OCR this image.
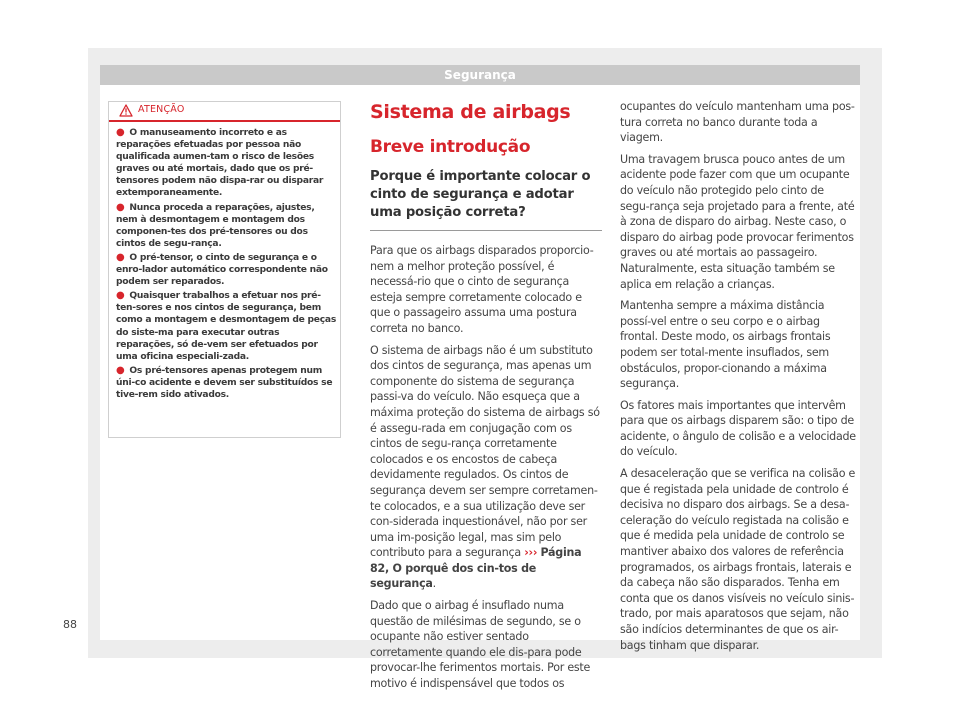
Segurança
ATENÇÃO
● O manuseamento incorreto e as reparações efetuadas por pessoa não qualificada aumen-tam o risco de lesões graves ou até mortais, dado que os pré-tensores podem não dispa-rar ou disparar extemporaneamente.
● Nunca proceda a reparações, ajustes, nem à desmontagem e montagem dos componen-tes dos pré-tensores ou dos cintos de segu-rança.
● O pré-tensor, o cinto de segurança e o enro-lador automático correspondente não podem ser reparados.
● Quaisquer trabalhos a efetuar nos pré-ten-sores e nos cintos de segurança, bem como a montagem e desmontagem de peças do siste-ma para executar outras reparações, só de-vem ser efetuados por uma oficina especiali-zada.
● Os pré-tensores apenas protegem num úni-co acidente e devem ser substituídos se tive-rem sido ativados.
Sistema de airbags
Breve introdução
Porque é importante colocar o cinto de segurança e adotar uma posição correta?

Para que os airbags disparados proporcio-nem a melhor proteção possível, é necessá-rio que o cinto de segurança esteja sempre corretamente colocado e que o passageiro assuma uma postura correta no banco.

O sistema de airbags não é um substituto dos cintos de segurança, mas apenas um componente do sistema de segurança passi-va do veículo. Não esqueça que a máxima proteção do sistema de airbags só é assegu-rada em conjugação com os cintos de segu-rança corretamente colocados e os encostos de cabeça devidamente regulados. Os cintos de segurança devem ser sempre corretamen-te colocados, e a sua utilização deve ser con-siderada inquestionável, não por ser uma im-posição legal, mas sim pelo contributo para a segurança ››› Página 82, O porquê dos cin-tos de segurança.

Dado que o airbag é insuflado numa questão de milésimas de segundo, se o ocupante não estiver sentado corretamente quando ele dis-para pode provocar-lhe ferimentos mortais. Por este motivo é indispensável que todos os

ocupantes do veículo mantenham uma pos-tura correta no banco durante toda a viagem.

Uma travagem brusca pouco antes de um acidente pode fazer com que um ocupante do veículo não protegido pelo cinto de segu-rança seja projetado para a frente, até à zona de disparo do airbag. Neste caso, o disparo do airbag pode provocar ferimentos graves ou até mortais ao passageiro. Naturalmente, esta situação também se aplica em relação a crianças.

Mantenha sempre a máxima distância possí-vel entre o seu corpo e o airbag frontal. Deste modo, os airbags frontais podem ser total-mente insuflados, sem obstáculos, propor-cionando a máxima segurança.

Os fatores mais importantes que intervêm para que os airbags disparem são: o tipo de acidente, o ângulo de colisão e a velocidade do veículo.

A desaceleração que se verifica na colisão e que é registada pela unidade de controlo é decisiva no disparo dos airbags. Se a desa-celeração do veículo registada na colisão e que é medida pela unidade de controlo se mantiver abaixo dos valores de referência programados, os airbags frontais, laterais e da cabeça não são disparados. Tenha em conta que os danos visíveis no veículo sinis-trado, por mais aparatosos que sejam, não são indícios determinantes de que os air-bags tinham que disparar.

88
